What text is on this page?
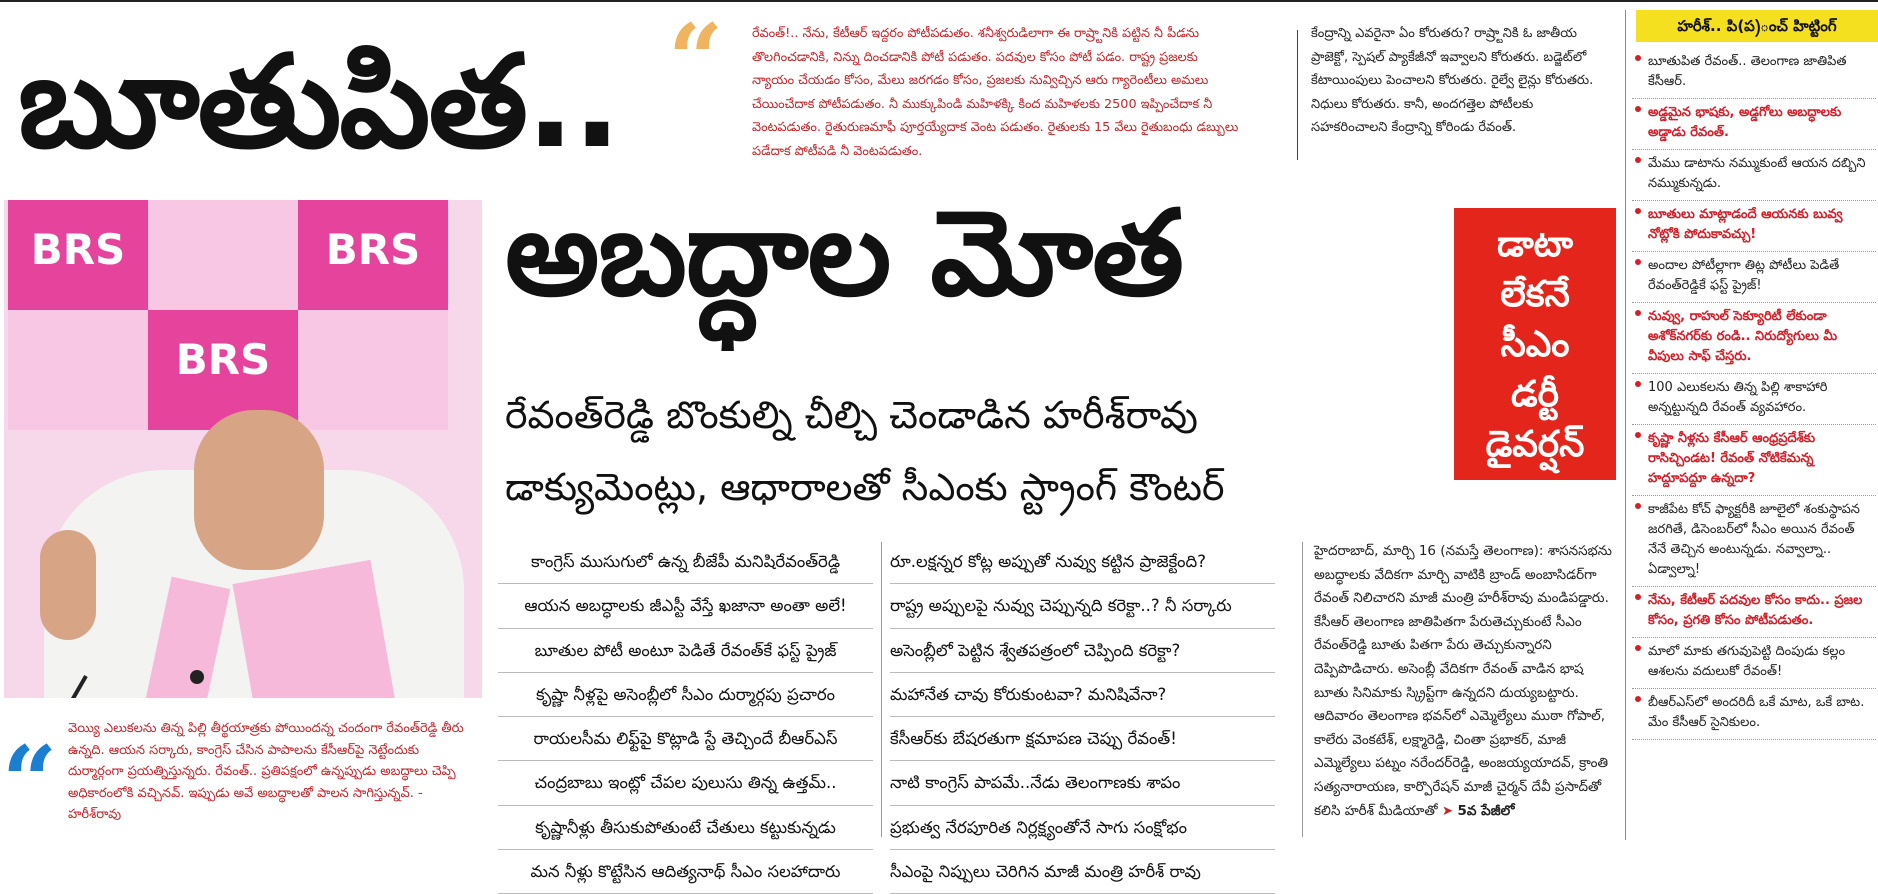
బూతుపిత.. “ రేవంత్!.. నేను, కేటీఆర్ ఇద్దరం పోటీపడుతం. శనీశ్వరుడిలాగా ఈ రాష్ర్టానికి పట్టిన నీ పీడను తొలగించడానికి, నిన్ను దించడానికి పోటీ పడుతం. పదవుల కోసం పోటీ పడం. రాష్ట్ర ప్రజలకు న్యాయం చేయడం కోసం, మేలు జరగడం కోసం, ప్రజలకు నువ్విచ్చిన ఆరు గ్యారెంటీలు అమలు చేయించేదాక పోటీపడుతం. నీ ముక్కుపిండి మహిళక్కి కింద మహిళలకు 2500 ఇప్పించేదాక నీ వెంటపడుతం. రైతురుణమాఫీ పూర్తయ్యేదాక వెంట పడుతం. రైతులకు 15 వేలు రైతుబంధు డబ్బులు పడేదాక పోటీపడి నీ వెంటపడుతం.
కేంద్రాన్ని ఎవరైనా ఏం కోరుతరు? రాష్ర్టానికి ఓ జాతీయ ప్రాజెక్టో, స్పెషల్ ప్యాకేజీనో ఇవ్వాలని కోరుతరు. బడ్జెట్‌లో కేటాయింపులు పెంచాలని కోరుతరు. రైల్వే లైన్లు కోరుతరు. నిధులు కోరుతరు. కానీ, అందగత్తెల పోటీలకు సహకరించాలని కేంద్రాన్ని కోరిండు రేవంత్.
హరీశ్.. పి(ప)ంచ్ హిట్టింగ్
బూతుపిత రేవంత్.. తెలంగాణ జాతిపిత కేసీఆర్.
అడ్డమైన భాషకు, అడ్డగోలు అబద్ధాలకు అడ్డాడు రేవంత్.
మేము డాటాను నమ్ముకుంటే ఆయన దబ్బిని నమ్ముకున్నడు.
బూతులు మాట్లాడందే ఆయనకు బువ్వ నోట్లోకి పోదుకావచ్చు!
అందాల పోటీల్లాగా తిట్ల పోటీలు పెడితే రేవంత్‌రెడ్డికే ఫస్ట్ ప్రైజ్!
నువ్వు, రాహుల్ సెక్యూరిటీ లేకుండా అశోక్‌నగర్‌కు రండి.. నిరుద్యోగులు మీ వీపులు సాఫ్ చేస్తరు.
100 ఎలుకలను తిన్న పిల్లి శాకాహారి అన్నట్టున్నది రేవంత్ వ్యవహారం.
కృష్ణా నీళ్లను కేసీఆర్ ఆంధ్రప్రదేశ్‌కు రాసిచ్చిండట! రేవంత్ నోటికేమన్న హద్దూపద్దూ ఉన్నదా?
కాజీపేట కోచ్ ఫ్యాక్టరీకి జూలైలో శంకుస్థాపన జరగితే, డిసెంబర్‌లో సీఎం అయిన రేవంత్ నేనే తెచ్చిన అంటున్నడు. నవ్వాల్నా.. ఏడ్వాల్నా!
నేను, కేటీఆర్ పదవుల కోసం కాదు.. ప్రజల కోసం, ప్రగతి కోసం పోటీపడుతం.
మాలో మాకు తగువుపెట్టి దింపుడు కల్లం ఆశలను వదులుకో రేవంత్!
బీఆర్ఎస్‌లో అందరిదీ ఒకే మాట, ఒకే బాట. మేం కేసీఆర్ సైనికులం.
అబద్ధాల మోత	డాటా
లేకనే
సీఎం
డర్టీ
డైవర్షన్
రేవంత్‌రెడ్డి బొంకుల్ని చీల్చి చెండాడిన హరీశ్‌రావు
డాక్యుమెంట్లు, ఆధారాలతో సీఎంకు స్ట్రాంగ్ కౌంటర్
BRS	BRS
BRS
“ వెయ్యి ఎలుకలను తిన్న పిల్లి తీర్థయాత్రకు పోయిందన్న చందంగా రేవంత్‌రెడ్డి తీరు ఉన్నది. ఆయన సర్కారు, కాంగ్రెస్ చేసిన పాపాలను కేసీఆర్‌పై నెట్టేందుకు దుర్మార్గంగా ప్రయత్నిస్తున్నరు. రేవంత్.. ప్రతిపక్షంలో ఉన్నప్పుడు అబద్ధాలు చెప్పి అధికారంలోకి వచ్చినవ్. ఇప్పుడు అవే అబద్ధాలతో పాలన సాగిస్తున్నవ్. - హరీశ్‌రావు
కాంగ్రెస్ ముసుగులో ఉన్న బీజేపీ మనిషిరేవంత్‌రెడ్డి
ఆయన అబద్ధాలకు జీఎస్టీ వేస్తే ఖజానా అంతా అలే!
బూతుల పోటీ అంటూ పెడితే రేవంత్‌కే ఫస్ట్ ప్రైజ్
కృష్ణా నీళ్లపై అసెంబ్లీలో సీఎం దుర్మార్గపు ప్రచారం
రాయలసీమ లిఫ్ట్‌పై కొట్లాడి స్టే తెచ్చిందే బీఆర్ఎస్
చంద్రబాబు ఇంట్లో చేపల పులుసు తిన్న ఉత్తమ్..
కృష్ణానీళ్లు తీసుకుపోతుంటే చేతులు కట్టుకున్నడు
మన నీళ్లు కొట్టేసిన ఆదిత్యనాథ్ సీఎం సలహాదారు
రూ.లక్షన్నర కోట్ల అప్పుతో నువ్వు కట్టిన ప్రాజెక్టేంది?
రాష్ట్ర అప్పులపై నువ్వు చెప్పున్నది కరెక్టా..? నీ సర్కారు
అసెంబ్లీలో పెట్టిన శ్వేతపత్రంలో చెప్పింది కరెక్టా?
మహానేత చావు కోరుకుంటవా? మనిషివేనా?
కేసీఆర్‌కు బేషరతుగా క్షమాపణ చెప్పు రేవంత్!
నాటి కాంగ్రెస్ పాపమే..నేడు తెలంగాణకు శాపం
ప్రభుత్వ నేరపూరిత నిర్లక్ష్యంతోనే సాగు సంక్షోభం
సీఎంపై నిప్పులు చెరిగిన మాజీ మంత్రి హరీశ్ రావు
హైదరాబాద్, మార్చి 16 (నమస్తే తెలంగాణ): శాసనసభను అబద్ధాలకు వేదికగా మార్చి వాటికి బ్రాండ్ అంబాసిడర్‌గా రేవంత్ నిలిచారని మాజీ మంత్రి హరీశ్‌రావు మండిపడ్డారు. కేసీఆర్ తెలంగాణ జాతిపితగా పేరుతెచ్చుకుంటే సీఎం రేవంత్‌రెడ్డి బూతు పితగా పేరు తెచ్చుకున్నారని దెప్పిపొడిచారు. అసెంబ్లీ వేదికగా రేవంత్ వాడిన భాష బూతు సినిమాకు స్క్రిప్ట్‌గా ఉన్నదని దుయ్యబట్టారు. ఆదివారం తెలంగాణ భవన్‌లో ఎమ్మెల్యేలు ముఠా గోపాల్, కాలేరు వెంకటేశ్, లక్ష్మారెడ్డి, చింతా ప్రభాకర్, మాజీ ఎమ్మెల్యేలు పట్నం నరేందర్‌రెడ్డి, అంజయ్యయాదవ్, క్రాంతి సత్యనారాయణ, కార్పొరేషన్ మాజీ చైర్మన్ దేవీ ప్రసాద్‌తో కలిసి హరీశ్ మీడియాతో ➤ 5వ పేజీలో
